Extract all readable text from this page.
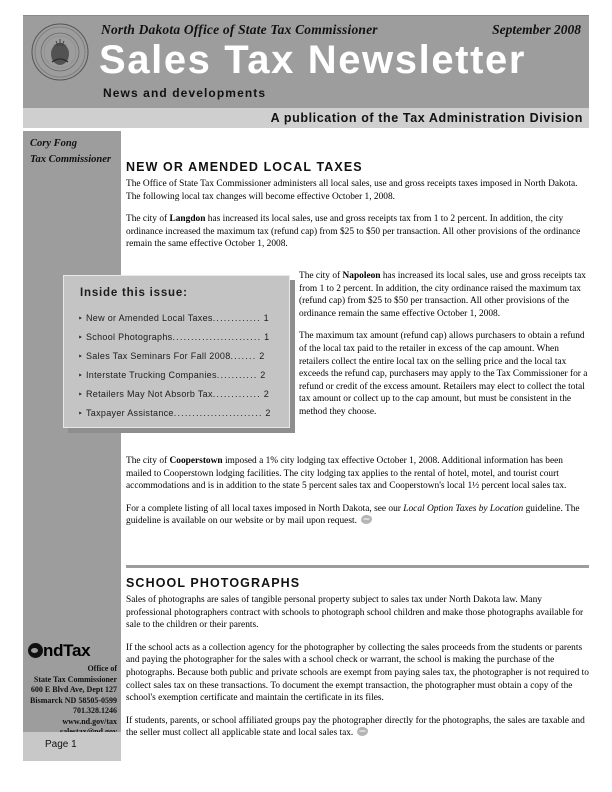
North Dakota Office of State Tax Commissioner	September 2008
Sales Tax Newsletter
News and developments
A publication of the Tax Administration Division
Cory Fong
Tax Commissioner
ndTax
Office of
State Tax Commissioner
600 E Blvd Ave, Dept 127
Bismarck ND 58505-0599
701.328.1246
www.nd.gov/tax
Page 1
NEW OR AMENDED LOCAL TAXES

The Office of State Tax Commissioner administers all local sales, use and gross receipts taxes imposed in North Dakota. The following local tax changes will become effective October 1, 2008.

The city of Langdon has increased its local sales, use and gross receipts tax from 1 to 2 percent. In addition, the city ordinance increased the maximum tax (refund cap) from $25 to $50 per transaction. All other provisions of the ordinance remain the same effective October 1, 2008.

Inside this issue:
‣ New or Amended Local Taxes............. 1
‣ School Photographs........................ 1
‣ Sales Tax Seminars For Fall 2008....... 2
‣ Interstate Trucking Companies........... 2
‣ Retailers May Not Absorb Tax............. 2
‣ Taxpayer Assistance........................ 2

The city of Napoleon has increased its local sales, use and gross receipts tax from 1 to 2 percent. In addition, the city ordinance raised the maximum tax (refund cap) from $25 to $50 per transaction. All other provisions of the ordinance remain the same effective October 1, 2008.

The maximum tax amount (refund cap) allows purchasers to obtain a refund of the local tax paid to the retailer in excess of the cap amount. When retailers collect the entire local tax on the selling price and the local tax exceeds the refund cap, purchasers may apply to the Tax Commissioner for a refund or credit of the excess amount. Retailers may elect to collect the total tax amount or collect up to the cap amount, but must be consistent in the method they choose.

The city of Cooperstown imposed a 1% city lodging tax effective October 1, 2008. Additional information has been mailed to Cooperstown lodging facilities. The city lodging tax applies to the rental of hotel, motel, and tourist court accommodations and is in addition to the state 5 percent sales tax and Cooperstown's local 1½ percent local sales tax.

For a complete listing of all local taxes imposed in North Dakota, see our Local Option Taxes by Location guideline. The guideline is available on our website or by mail upon request.

SCHOOL PHOTOGRAPHS

Sales of photographs are sales of tangible personal property subject to sales tax under North Dakota law. Many professional photographers contract with schools to photograph school children and make those photographs available for sale to the children or their parents.

If the school acts as a collection agency for the photographer by collecting the sales proceeds from the students or parents and paying the photographer for the sales with a school check or warrant, the school is making the purchase of the photographs. Because both public and private schools are exempt from paying sales tax, the photographer is not required to collect sales tax on these transactions. To document the exempt transaction, the photographer must obtain a copy of the school's exemption certificate and maintain the certificate in its files.

If students, parents, or school affiliated groups pay the photographer directly for the photographs, the sales are taxable and the seller must collect all applicable state and local sales tax.
